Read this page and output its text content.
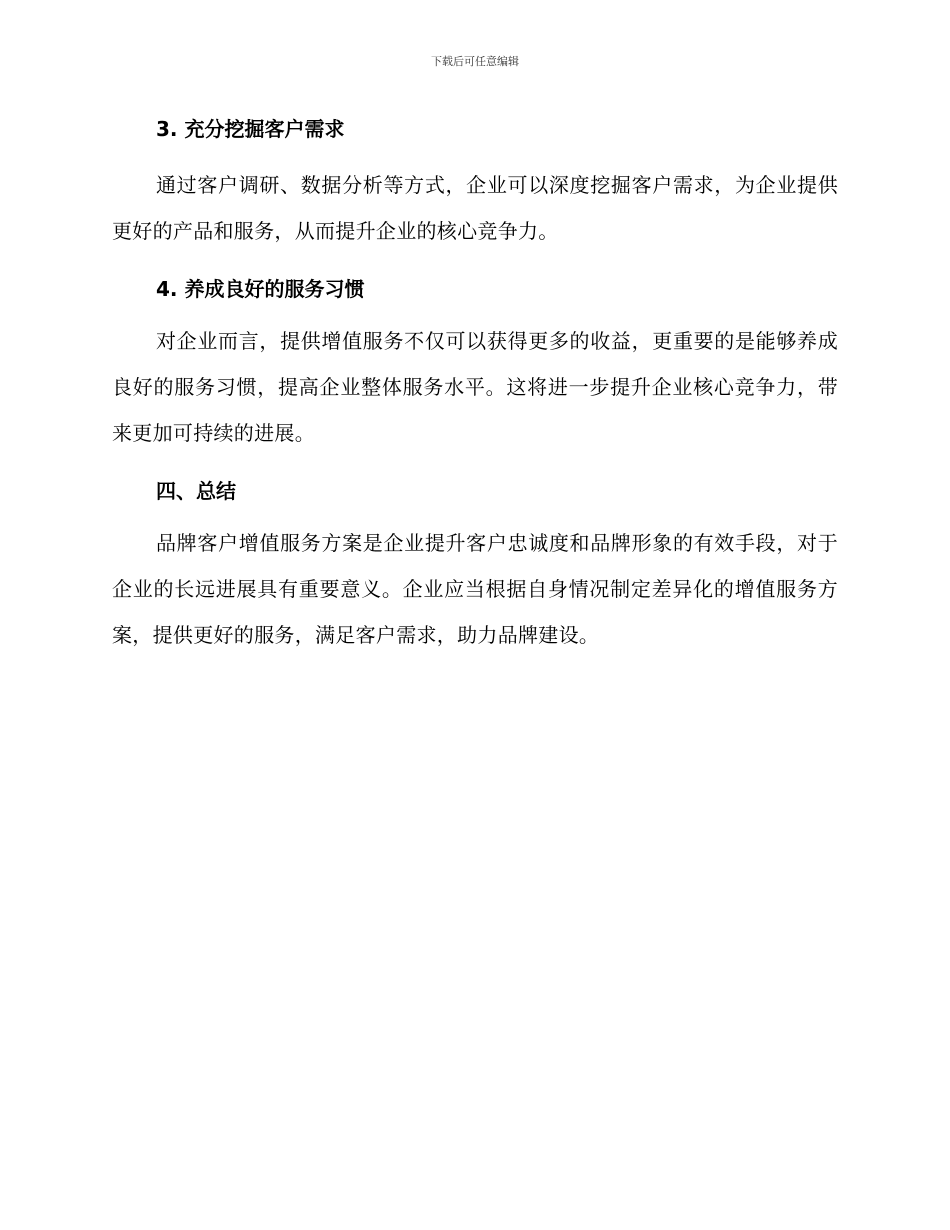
下载后可任意编辑
3. 充分挖掘客户需求

通过客户调研、数据分析等方式，企业可以深度挖掘客户需求，为企业提供更好的产品和服务，从而提升企业的核心竞争力。

4. 养成良好的服务习惯

对企业而言，提供增值服务不仅可以获得更多的收益，更重要的是能够养成良好的服务习惯，提高企业整体服务水平。这将进一步提升企业核心竞争力，带来更加可持续的进展。

四、总结

品牌客户增值服务方案是企业提升客户忠诚度和品牌形象的有效手段，对于企业的长远进展具有重要意义。企业应当根据自身情况制定差异化的增值服务方案，提供更好的服务，满足客户需求，助力品牌建设。
